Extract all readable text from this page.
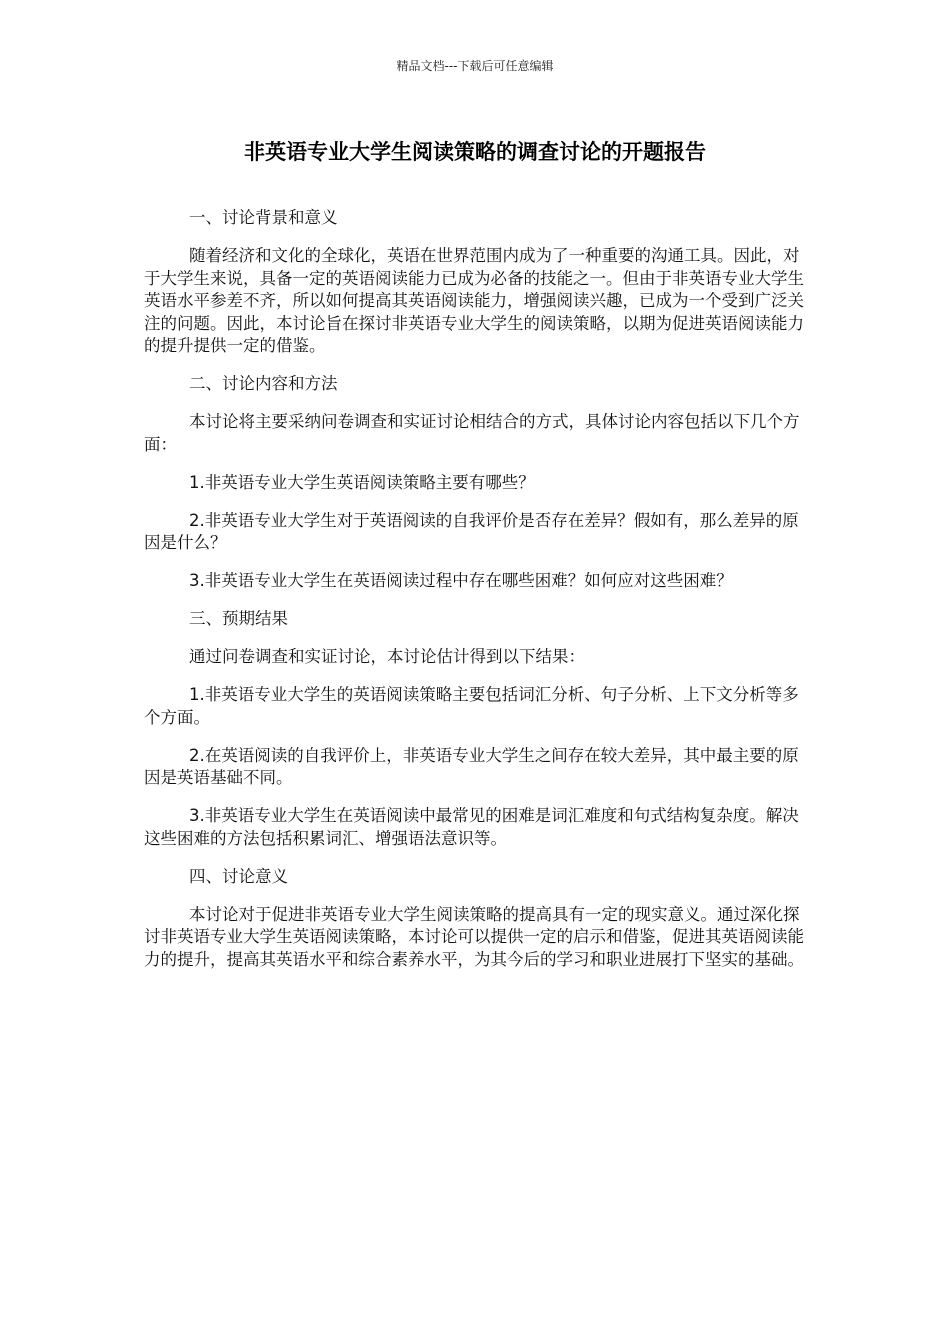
精品文档---下载后可任意编辑
非英语专业大学生阅读策略的调查讨论的开题报告

一、讨论背景和意义

随着经济和文化的全球化，英语在世界范围内成为了一种重要的沟通工具。因此，对于大学生来说，具备一定的英语阅读能力已成为必备的技能之一。但由于非英语专业大学生英语水平参差不齐，所以如何提高其英语阅读能力，增强阅读兴趣，已成为一个受到广泛关注的问题。因此，本讨论旨在探讨非英语专业大学生的阅读策略，以期为促进英语阅读能力的提升提供一定的借鉴。

二、讨论内容和方法

本讨论将主要采纳问卷调查和实证讨论相结合的方式，具体讨论内容包括以下几个方面：

1.非英语专业大学生英语阅读策略主要有哪些？

2.非英语专业大学生对于英语阅读的自我评价是否存在差异？假如有，那么差异的原因是什么？

3.非英语专业大学生在英语阅读过程中存在哪些困难？如何应对这些困难？

三、预期结果

通过问卷调查和实证讨论，本讨论估计得到以下结果：

1.非英语专业大学生的英语阅读策略主要包括词汇分析、句子分析、上下文分析等多个方面。

2.在英语阅读的自我评价上，非英语专业大学生之间存在较大差异，其中最主要的原因是英语基础不同。

3.非英语专业大学生在英语阅读中最常见的困难是词汇难度和句式结构复杂度。解决这些困难的方法包括积累词汇、增强语法意识等。

四、讨论意义

本讨论对于促进非英语专业大学生阅读策略的提高具有一定的现实意义。通过深化探讨非英语专业大学生英语阅读策略，本讨论可以提供一定的启示和借鉴，促进其英语阅读能力的提升，提高其英语水平和综合素养水平，为其今后的学习和职业进展打下坚实的基础。
